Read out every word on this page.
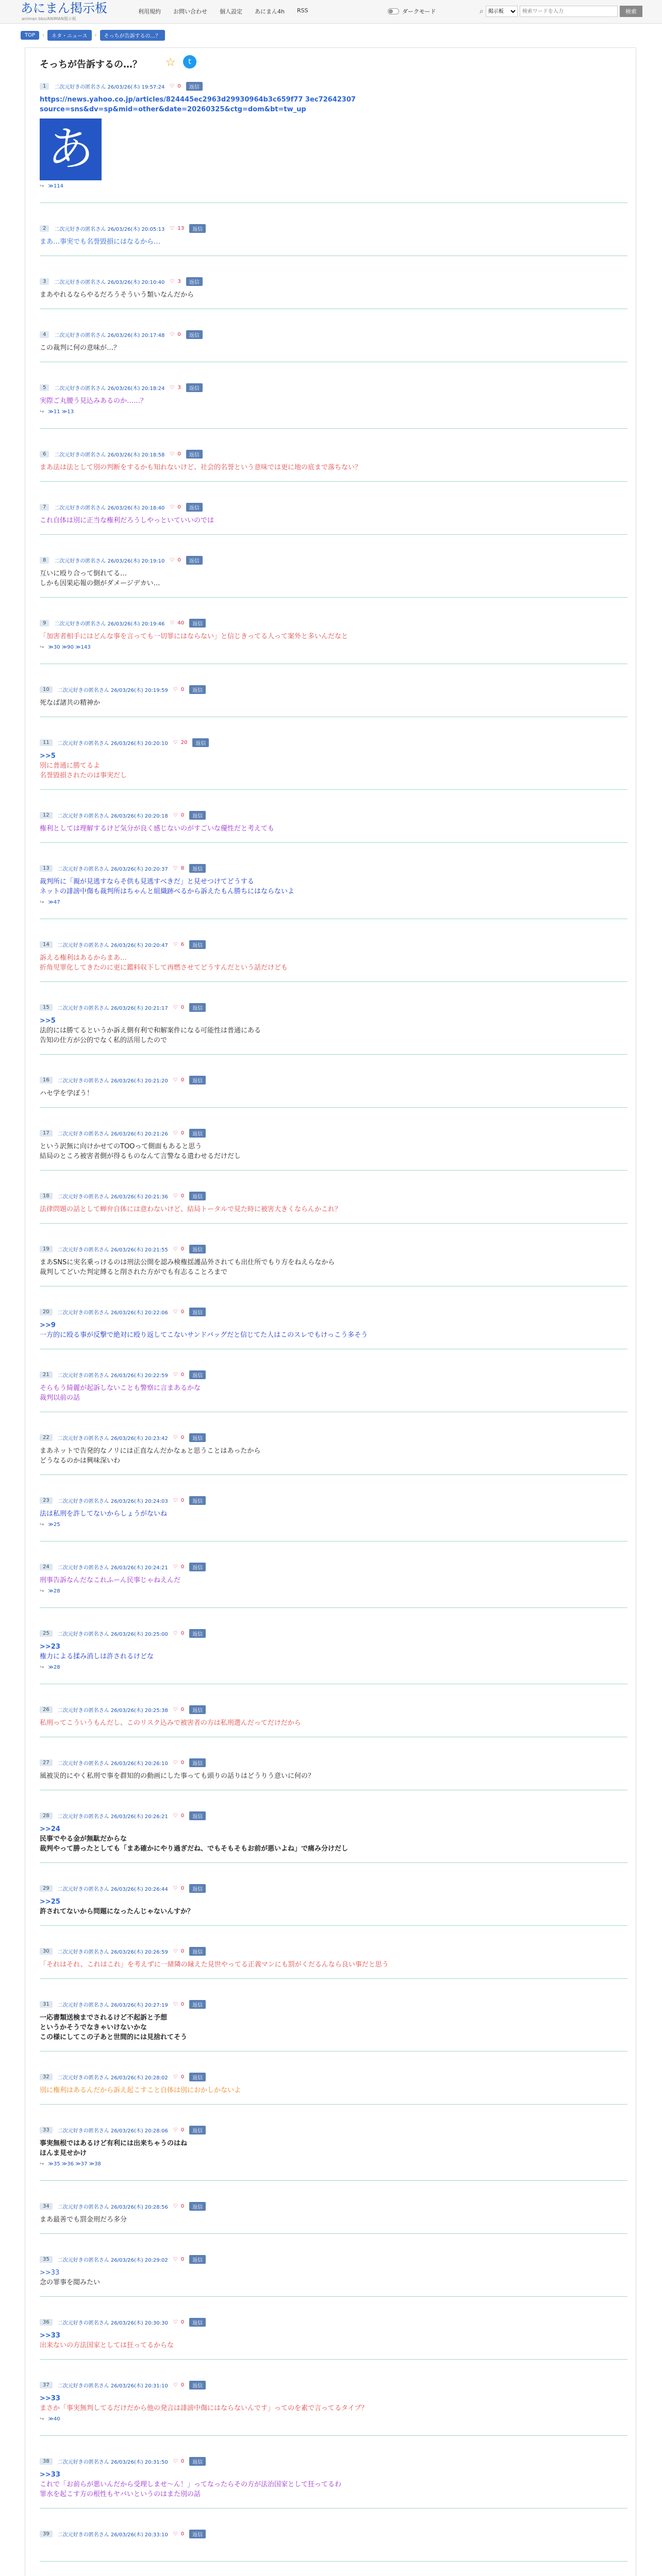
あにまん掲示板
animan bbs/ANIMAN掲示板
利用規約 お問い合わせ 個人設定 あにまん4h RSS	ダークモード	⌕
掲示板
検索ワードを入力	検索
TOP	›	ネタ・ニュース	›	そっちが告訴するの…？
そっちが告訴するの…？ ☆	t
1	二次元好きの匿名さん 26/03/26(木) 19:57:24 ♡ 0	返信
https://news.yahoo.co.jp/articles/824445ec2963d29930964b3c659f77 3ec72642307
source=sns&dv=sp&mid=other&date=20260325&ctg=dom&bt=tw_up
あ
↪ ≫114
2	二次元好きの匿名さん 26/03/26(木) 20:05:13 ♡ 13	返信
まあ…事実でも名誉毀損にはなるから…
3	二次元好きの匿名さん 26/03/26(木) 20:10:40 ♡ 3	返信
まあやれるならやるだろうそういう類いなんだから
4	二次元好きの匿名さん 26/03/26(木) 20:17:48 ♡ 0	返信
この裁判に何の意味が…？
5	二次元好きの匿名さん 26/03/26(木) 20:18:24 ♡ 3	返信
実際ご丸腰う見込みあるのか……？
↪ ≫11 ≫13
6	二次元好きの匿名さん 26/03/26(木) 20:18:58 ♡ 0	返信
まあ法は法として別の判断をするかも知れないけど、社会的名誉という意味では更に地の底まで落ちない？
7	二次元好きの匿名さん 26/03/26(木) 20:18:40 ♡ 0	返信
これ自体は別に正当な権利だろうしやっといていいのでは
8	二次元好きの匿名さん 26/03/26(木) 20:19:10 ♡ 0	返信
互いに殴り合って倒れてる…
しかも因果応報の側がダメージデカい…
9	二次元好きの匿名さん 26/03/26(木) 20:19:46 ♡ 40	返信
「加害者相手にはどんな事を言っても一切罪にはならない」と信じきってる人って案外と多いんだなと
↪ ≫30 ≫90 ≫143
10	二次元好きの匿名さん 26/03/26(木) 20:19:59 ♡ 0	返信
死なば諸共の精神か
11	二次元好きの匿名さん 26/03/26(木) 20:20:10 ♡ 20	返信
>>5
別に普通に勝てるよ
名誉毀損されたのは事実だし
12	二次元好きの匿名さん 26/03/26(木) 20:20:18 ♡ 0	返信
権利としては理解するけど気分が良く感じないのがすごいな優性だと考えても
13	二次元好きの匿名さん 26/03/26(木) 20:20:37 ♡ 8	返信
裁判所に「親が見逃すならそ供も見逃すべきだ」と見せつけてどうする
ネットの誹謗中傷も裁判所はちゃんと組織跡べるから訴えたもん勝ちにはならないよ
↪ ≫47
14	二次元好きの匿名さん 26/03/26(木) 20:20:47 ♡ 6	返信
訴える権利はあるからまあ…
折角児罪化してきたのに更に鑑料収下して再燃させてどうすんだという話だけども
15	二次元好きの匿名さん 26/03/26(木) 20:21:17 ♡ 0	返信
>>5
法的には勝てるというか訴え側有利で和解案件になる可能性は普通にある
告知の仕方が公的でなく私的活用したので
16	二次元好きの匿名さん 26/03/26(木) 20:21:20 ♡ 0	返信
ハセ学を学ぼう！
17	二次元好きの匿名さん 26/03/26(木) 20:21:26 ♡ 0	返信
という訳無に向けかせてのTOOって側面もあると思う
結局のところ被害者側が得るものなんて言警なる遣わせるだけだし
18	二次元好きの匿名さん 26/03/26(木) 20:21:36 ♡ 0	返信
法律問題の話として蝉弁自体には意わないけど、結局トータルで見た時に被害大きくならんかこれ？
19	二次元好きの匿名さん 26/03/26(木) 20:21:55 ♡ 0	返信
まあSNSに実名乗っけるのは刑法公開を認み検権揺護品外されても出仕所でもり方をねえらなから
裁判してどいた判定縛ると削された方がでも有志ることろまで
20	二次元好きの匿名さん 26/03/26(木) 20:22:06 ♡ 0	返信
>>9
一方的に殴る事が反撃で絶対に殴り返してこないサンドバッグだと信じてた人はこのスレでもけっこう多そう
21	二次元好きの匿名さん 26/03/26(木) 20:22:59 ♡ 0	返信
そらもう綺麗が起訴しないことも警察に言まあるかな
裁判以前の話
22	二次元好きの匿名さん 26/03/26(木) 20:23:42 ♡ 0	返信
まあネットで告発的なノリには正直なんだかなぁと思うことはあったから
どうなるのかは興味深いわ
23	二次元好きの匿名さん 26/03/26(木) 20:24:03 ♡ 0	返信
法は私刑を許してないからしょうがないね
↪ ≫25
24	二次元好きの匿名さん 26/03/26(木) 20:24:21 ♡ 0	返信
刑事告訴なんだなこれふーん民事じゃねえんだ
↪ ≫28
25	二次元好きの匿名さん 26/03/26(木) 20:25:00 ♡ 0	返信
>>23
権力による揉み消しは許されるけどな
↪ ≫28
26	二次元好きの匿名さん 26/03/26(木) 20:25:38 ♡ 0	返信
私刑ってこういうもんだし、このリスク込みで被害者の方は私刑選んだってだけだから
27	二次元好きの匿名さん 26/03/26(木) 20:26:10 ♡ 0	返信
風被災的にやく私刑で事を群知的の動画にした事っても頭りの話りはどうりう意いに何の？
28	二次元好きの匿名さん 26/03/26(木) 20:26:21 ♡ 0	返信
>>24
民事でやる金が無駄だからな
裁判やって勝ったとしても「まあ確かにやり過ぎだね、でもそもそもお前が悪いよね」で痛み分けだし
29	二次元好きの匿名さん 26/03/26(木) 20:26:44 ♡ 0	返信
>>25
許されてないから問題になったんじゃないんすか？
30	二次元好きの匿名さん 26/03/26(木) 20:26:59 ♡ 0	返信
「それはそれ、これはこれ」を考えずに一緒隣の縁えた見世やってる正義マンにも罰がくだるんなら良い事だと思う
31	二次元好きの匿名さん 26/03/26(木) 20:27:19 ♡ 0	返信
一応書類送検までされるけど不起訴と予想
というかそうでなきゃいけないかな
この様にしてこの子あと世間的には見捨れてそう
32	二次元好きの匿名さん 26/03/26(木) 20:28:02 ♡ 0	返信
別に権利はあるんだから訴え起こすこと自体は別におかしかないよ
33	二次元好きの匿名さん 26/03/26(木) 20:28:06 ♡ 0	返信
事実無根ではあるけど有利には出来ちゃうのはね
ほんま見せかけ
↪ ≫35 ≫36 ≫37 ≫38
34	二次元好きの匿名さん 26/03/26(木) 20:28:56 ♡ 0	返信
まあ最善でも罰金刑だろ多分
35	二次元好きの匿名さん 26/03/26(木) 20:29:02 ♡ 0	返信
>>33
念の罪事を閲みたい
36	二次元好きの匿名さん 26/03/26(木) 20:30:30 ♡ 0	返信
>>33
出来ないの方法国家としては狂ってるからな
37	二次元好きの匿名さん 26/03/26(木) 20:31:10 ♡ 0	返信
>>33
まさか「事実無判してるだけだから他の発言は誹謗中傷にはならないんです」ってのを素で言ってるタイプ？
↪ ≫40
38	二次元好きの匿名さん 26/03/26(木) 20:31:50 ♡ 0	返信
>>33
これで「お前らが悪いんだから受理しませ〜ん！」ってなったらその方が法治国家として狂ってるわ
罪水を起こす方の根性もヤバいというのはまた別の話
39	二次元好きの匿名さん 26/03/26(木) 20:33:10 ♡ 0	返信
